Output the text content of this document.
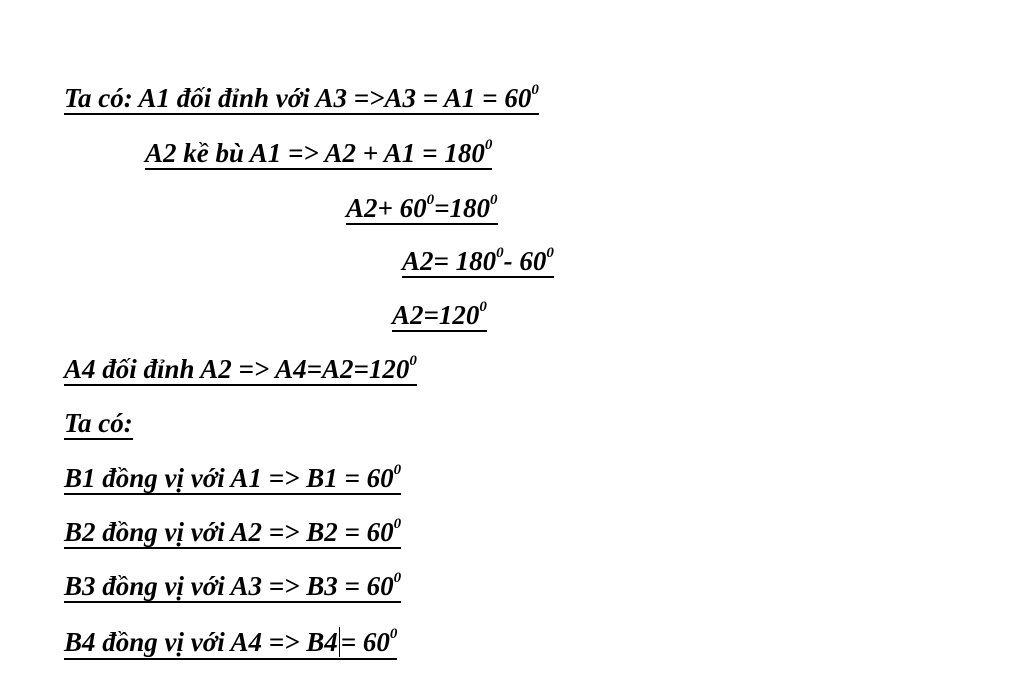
Ta có: A1 đối đỉnh với $A3 =>A3 = A1 = 60^0$
A2 kề bù $A1 => A2 + A1 = 180^0$
$A2+ 60^0=180^0$
$A2= 180^0-$ $60^0$
$A2=120^0$
A4 đối đỉnh $A2 => A4=A2=120^0$
Ta có:
B1 đồng vị với $A1 => B1 = 60^0$
B2 đồng vị với $A2 => B2 = 60^0$
B3 đồng vị với $A3 => B3 = 60^0$
B4 đồng vị với $A4 => B4 = 60^0$
